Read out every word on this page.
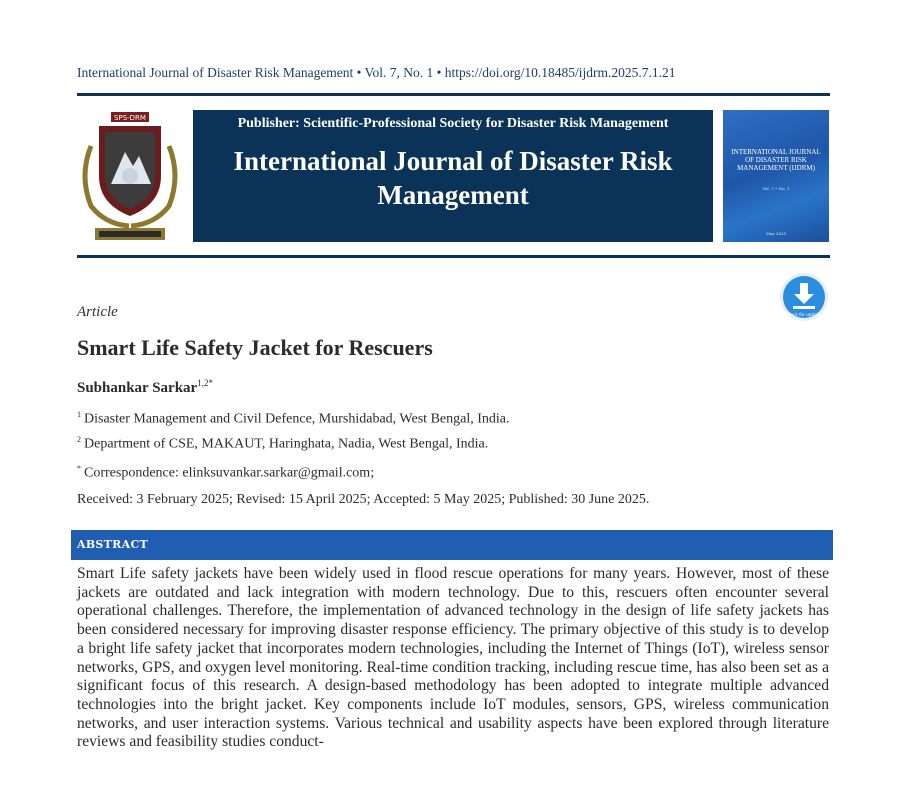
International Journal of Disaster Risk Management • Vol. 7, No. 1 • https://doi.org/10.18485/ijdrm.2025.7.1.21
SPS-DRM	Publisher: Scientific-Professional Society for Disaster Risk Management
International Journal of Disaster Risk Management
INTERNATIONAL JOURNAL OF DISASTER RISK MANAGEMENT (IJDRM)
Vol. 7 • No. 1
May 2025
Check for updates
Article
Smart Life Safety Jacket for Rescuers
Subhankar Sarkar$^{1,2*}$
$^1$ Disaster Management and Civil Defence, Murshidabad, West Bengal, India.
$^2$ Department of CSE, MAKAUT, Haringhata, Nadia, West Bengal, India.
* Correspondence: elinksuvankar.sarkar@gmail.com;
Received: 3 February 2025; Revised: 15 April 2025; Accepted: 5 May 2025; Published: 30 June 2025.
ABSTRACT
Smart Life safety jackets have been widely used in flood rescue operations for many years. However, most of these jackets are outdated and lack integration with modern technology. Due to this, rescuers often encounter several operational challenges. Therefore, the implementation of advanced technology in the design of life safety jackets has been considered necessary for improving disaster response efficiency. The primary objective of this study is to develop a bright life safety jacket that incorporates modern technologies, including the Internet of Things (IoT), wireless sensor networks, GPS, and oxygen level monitoring. Real-time condition tracking, including rescue time, has also been set as a significant focus of this research. A design-based methodology has been adopted to integrate multiple advanced technologies into the bright jacket. Key components include IoT modules, sensors, GPS, wireless communication networks, and user interaction systems. Various technical and usability aspects have been explored through literature reviews and feasibility studies conduct-
